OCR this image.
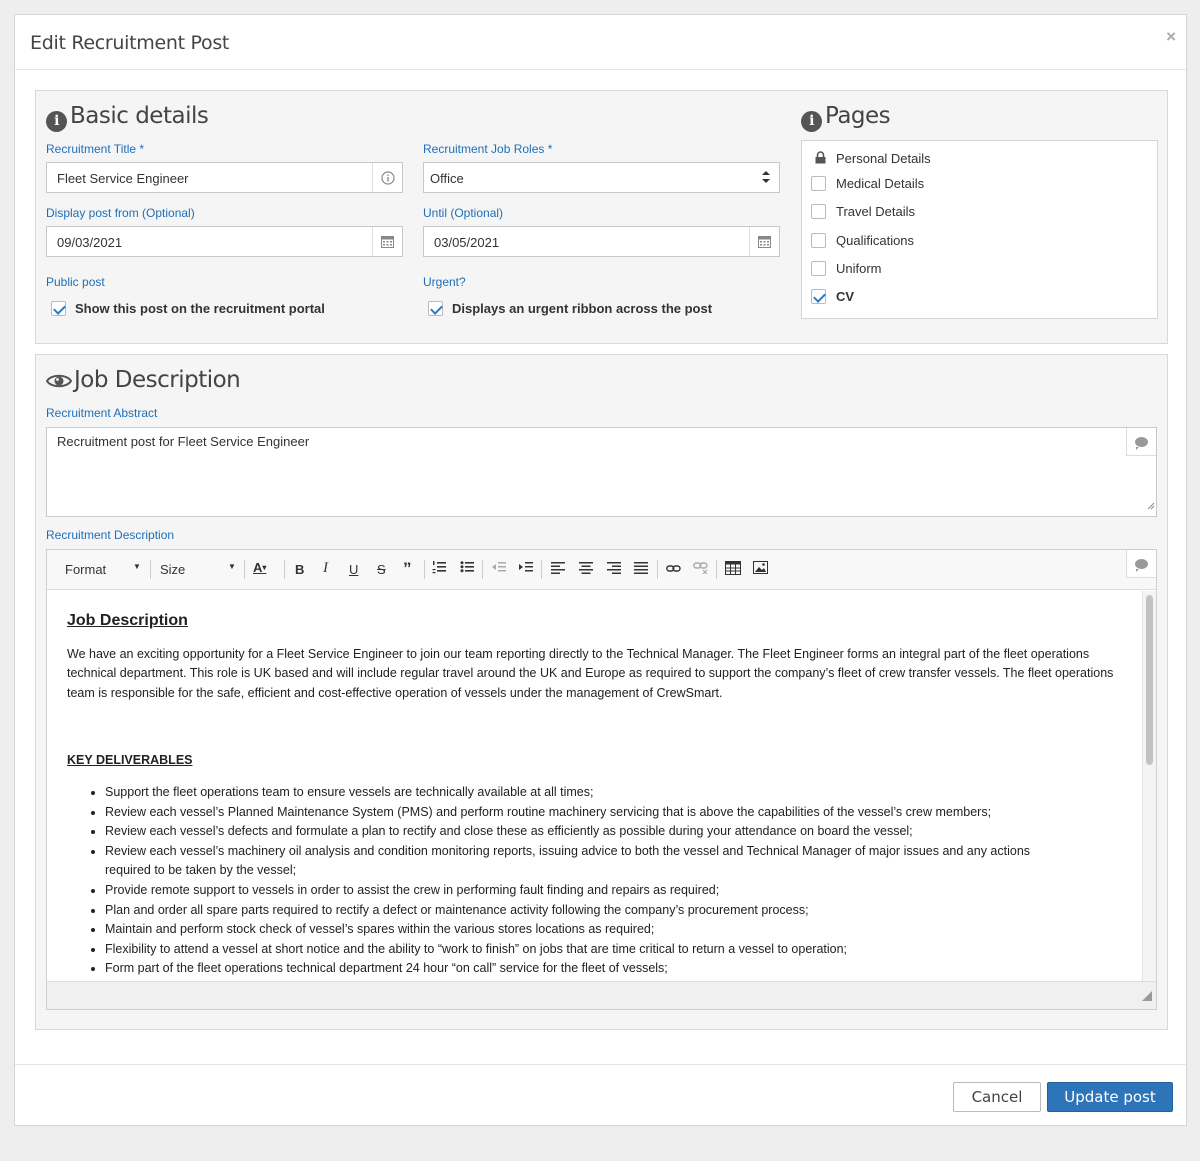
Edit Recruitment Post	×
i Basic details
Recruitment Title *
Fleet Service Engineer
Recruitment Job Roles *
Office
Display post from (Optional)
09/03/2021
Until (Optional)
03/05/2021
Public post
Show this post on the recruitment portal
Urgent?
Displays an urgent ribbon across the post
i Pages
Personal Details
Medical Details
Travel Details
Qualifications
Uniform
CV
Job Description
Recruitment Abstract
Recruitment post for Fleet Service Engineer
Recruitment Description
Format	▼ Size	▼ A▾ B I U S ”
Job Description

We have an exciting opportunity for a Fleet Service Engineer to join our team reporting directly to the Technical Manager. The Fleet Engineer forms an integral part of the fleet operations technical department. This role is UK based and will include regular travel around the UK and Europe as required to support the company’s fleet of crew transfer vessels. The fleet operations team is responsible for the safe, efficient and cost-effective operation of vessels under the management of CrewSmart.

KEY DELIVERABLES
• Support the fleet operations team to ensure vessels are technically available at all times;
• Review each vessel’s Planned Maintenance System (PMS) and perform routine machinery servicing that is above the capabilities of the vessel’s crew members;
• Review each vessel’s defects and formulate a plan to rectify and close these as efficiently as possible during your attendance on board the vessel;
• Review each vessel’s machinery oil analysis and condition monitoring reports, issuing advice to both the vessel and Technical Manager of major issues and any actions required to be taken by the vessel;
• Provide remote support to vessels in order to assist the crew in performing fault finding and repairs as required;
• Plan and order all spare parts required to rectify a defect or maintenance activity following the company’s procurement process;
• Maintain and perform stock check of vessel’s spares within the various stores locations as required;
• Flexibility to attend a vessel at short notice and the ability to “work to finish” on jobs that are time critical to return a vessel to operation;
• Form part of the fleet operations technical department 24 hour “on call” service for the fleet of vessels;
Cancel	Update post
